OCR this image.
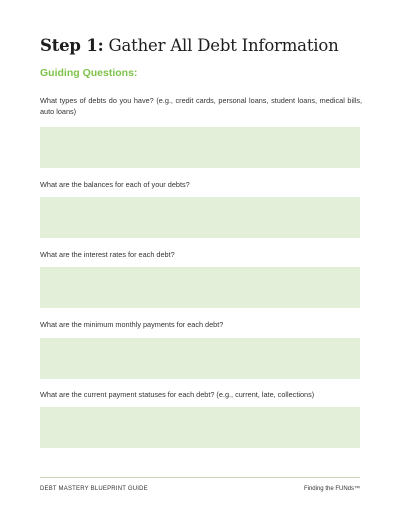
Step 1: Gather All Debt Information
Guiding Questions:

What types of debts do you have? (e.g., credit cards, personal loans, student loans, medical bills, auto loans)

What are the balances for each of your debts?

What are the interest rates for each debt?

What are the minimum monthly payments for each debt?

What are the current payment statuses for each debt? (e.g., current, late, collections)

DEBT MASTERY BLUEPRINT GUIDE	Finding the FUNds™
